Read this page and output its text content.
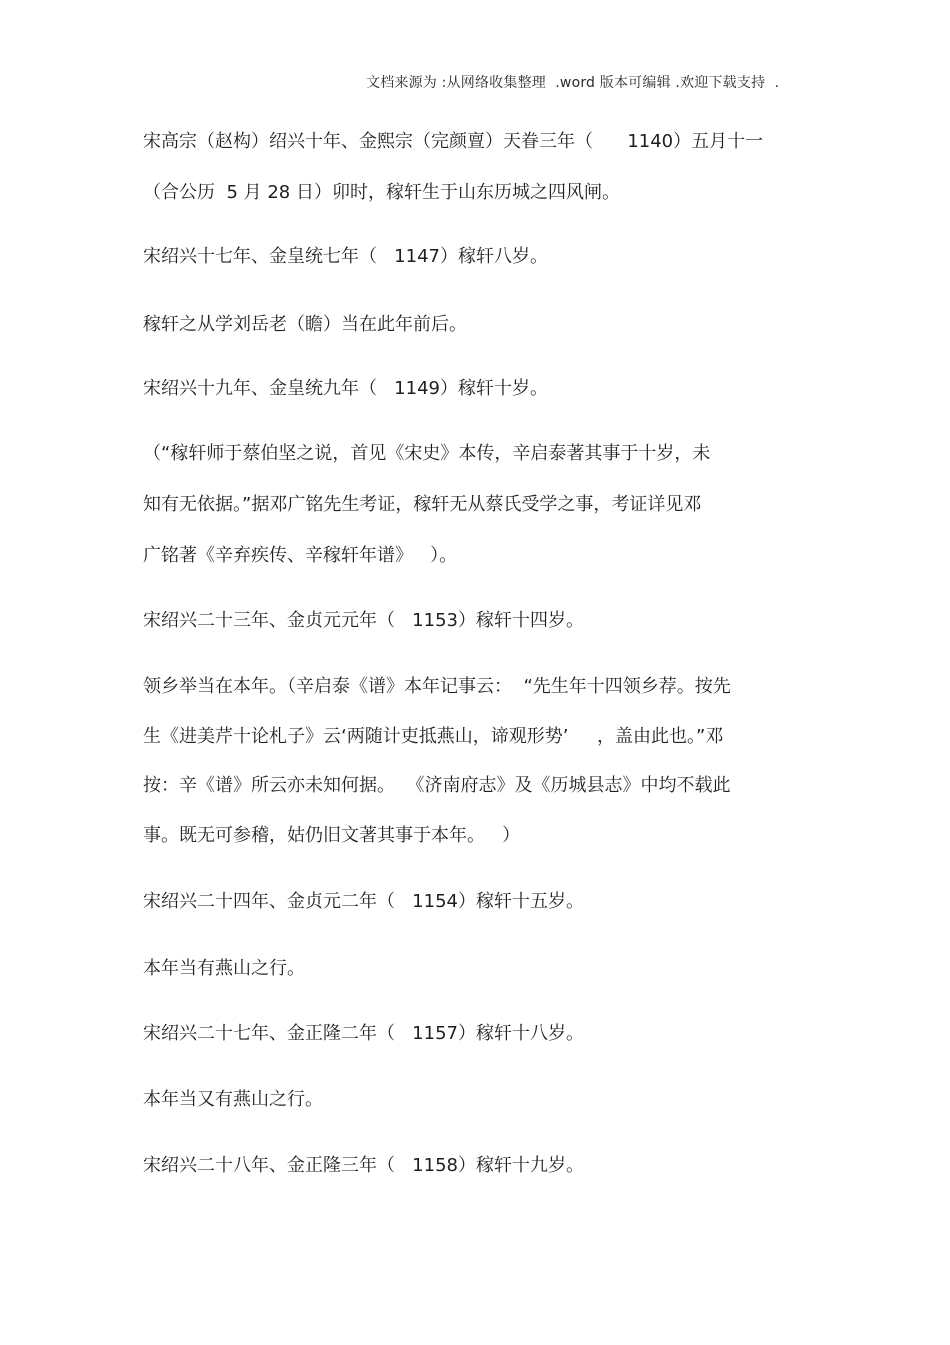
文档来源为 :从网络收集整理  .word 版本可编辑 .欢迎下载支持  .
宋高宗（赵构）绍兴十年、金熙宗（完颜亶）天眷三年（      1140）五月十一
（合公历  5 月 28 日）卯时，稼轩生于山东历城之四风闸。
宋绍兴十七年、金皇统七年（   1147）稼轩八岁。
稼轩之从学刘岳老（瞻）当在此年前后。
宋绍兴十九年、金皇统九年（   1149）稼轩十岁。
（“稼轩师于蔡伯坚之说，首见《宋史》本传，辛启泰著其事于十岁，未
知有无依据。”据邓广铭先生考证，稼轩无从蔡氏受学之事，考证详见邓
广铭著《辛弃疾传、辛稼轩年谱》   ）。
宋绍兴二十三年、金贞元元年（   1153）稼轩十四岁。
领乡举当在本年。（辛启泰《谱》本年记事云：  “先生年十四领乡荐。按先
生《进美芹十论札子》云‘两随计吏抵燕山，谛观形势’     ，盖由此也。”邓
按：辛《谱》所云亦未知何据。  《济南府志》及《历城县志》中均不载此
事。既无可参稽，姑仍旧文著其事于本年。   ）
宋绍兴二十四年、金贞元二年（   1154）稼轩十五岁。
本年当有燕山之行。
宋绍兴二十七年、金正隆二年（   1157）稼轩十八岁。
本年当又有燕山之行。
宋绍兴二十八年、金正隆三年（   1158）稼轩十九岁。
